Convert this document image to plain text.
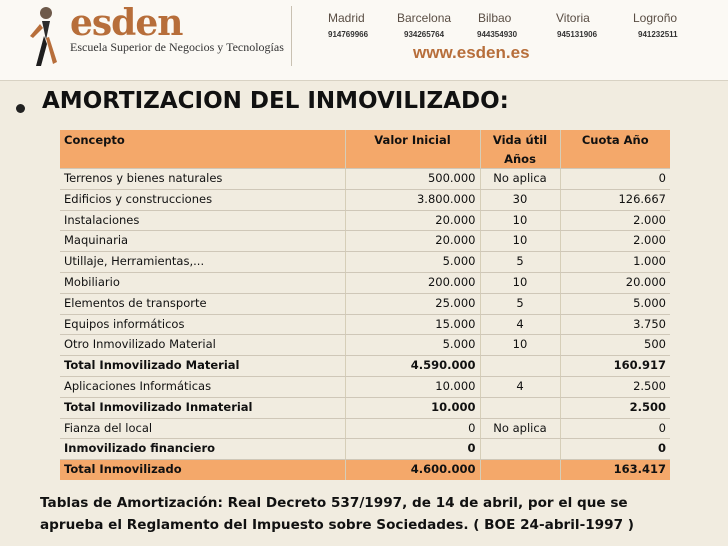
esden
Escuela Superior de Negocios y Tecnologías
Madrid
914769966
Barcelona
934265764
Bilbao
944354930
Vitoria
945131906
Logroño
941232511
www.esden.es
AMORTIZACION DEL INMOVILIZADO:
Concepto	Valor Inicial	Vida útil	Cuota Año
		Años	
Terrenos y bienes naturales	500.000	No aplica	0
Edificios y construcciones	3.800.000	30	126.667
Instalaciones	20.000	10	2.000
Maquinaria	20.000	10	2.000
Utillaje, Herramientas,...	5.000	5	1.000
Mobiliario	200.000	10	20.000
Elementos de transporte	25.000	5	5.000
Equipos informáticos	15.000	4	3.750
Otro Inmovilizado Material	5.000	10	500
Total Inmovilizado Material	4.590.000		160.917
Aplicaciones Informáticas	10.000	4	2.500
Total Inmovilizado Inmaterial	10.000		2.500
Fianza del local	0	No aplica	0
Inmovilizado financiero	0		0
Total Inmovilizado	4.600.000		163.417
Tablas de Amortización: Real Decreto 537/1997, de 14 de abril, por el que se
aprueba el Reglamento del Impuesto sobre Sociedades. ( BOE 24-abril-1997 )
